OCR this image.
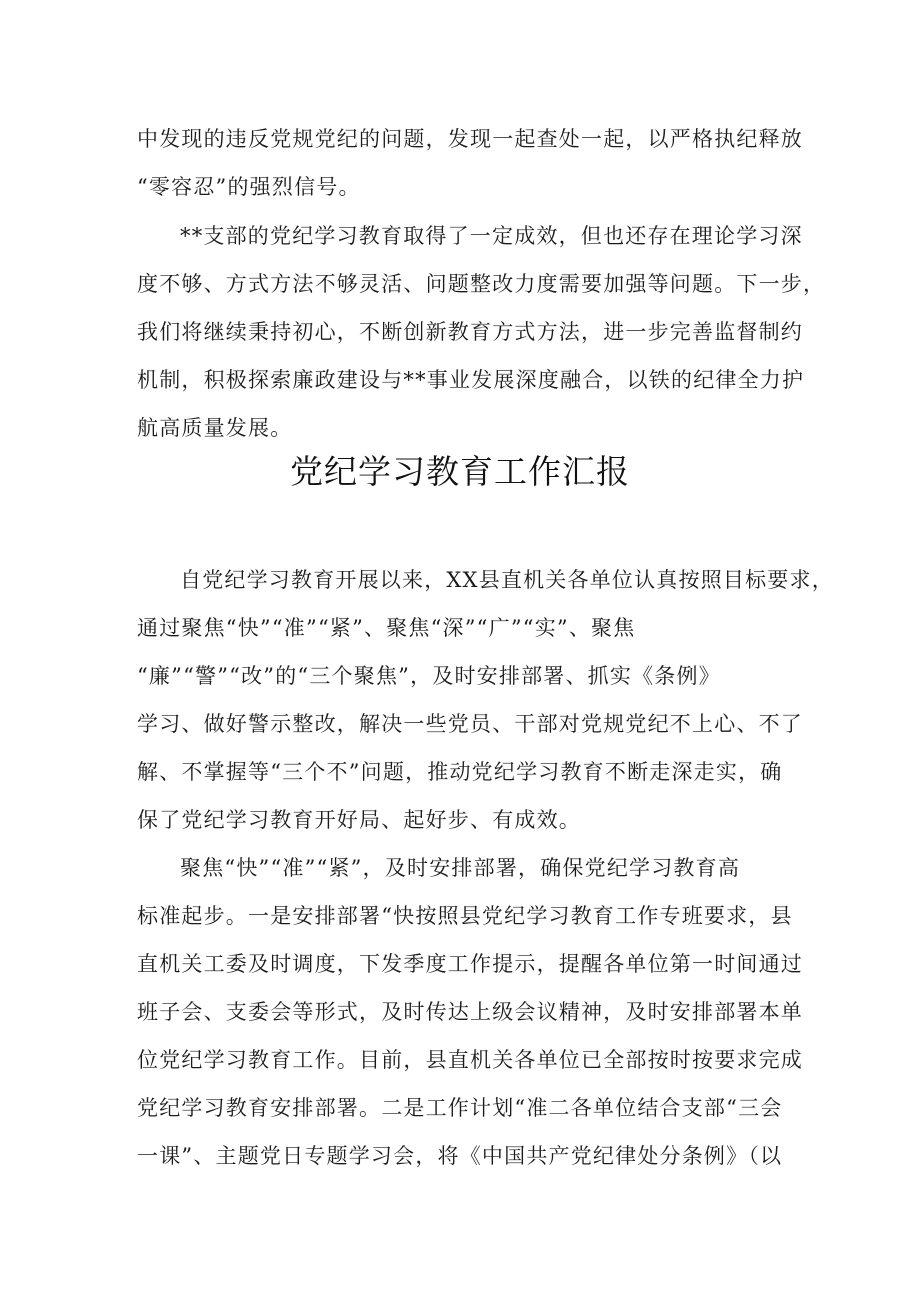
中发现的违反党规党纪的问题，发现一起查处一起，以严格执纪释放
“零容忍”的强烈信号。
**支部的党纪学习教育取得了一定成效，但也还存在理论学习深
度不够、方式方法不够灵活、问题整改力度需要加强等问题。下一步，
我们将继续秉持初心，不断创新教育方式方法，进一步完善监督制约
机制，积极探索廉政建设与**事业发展深度融合，以铁的纪律全力护
航高质量发展。
党纪学习教育工作汇报
自党纪学习教育开展以来，XX县直机关各单位认真按照目标要求，
通过聚焦“快”“准”“紧”、聚焦“深”“广”“实”、聚焦
“廉”“警”“改”的“三个聚焦”，及时安排部署、抓实《条例》
学习、做好警示整改，解决一些党员、干部对党规党纪不上心、不了
解、不掌握等“三个不”问题，推动党纪学习教育不断走深走实，确
保了党纪学习教育开好局、起好步、有成效。
聚焦“快”“准”“紧”，及时安排部署，确保党纪学习教育高
标准起步。一是安排部署“快按照县党纪学习教育工作专班要求，县
直机关工委及时调度，下发季度工作提示，提醒各单位第一时间通过
班子会、支委会等形式，及时传达上级会议精神，及时安排部署本单
位党纪学习教育工作。目前，县直机关各单位已全部按时按要求完成
党纪学习教育安排部署。二是工作计划“准二各单位结合支部“三会
一课”、主题党日专题学习会，将《中国共产党纪律处分条例》（以
